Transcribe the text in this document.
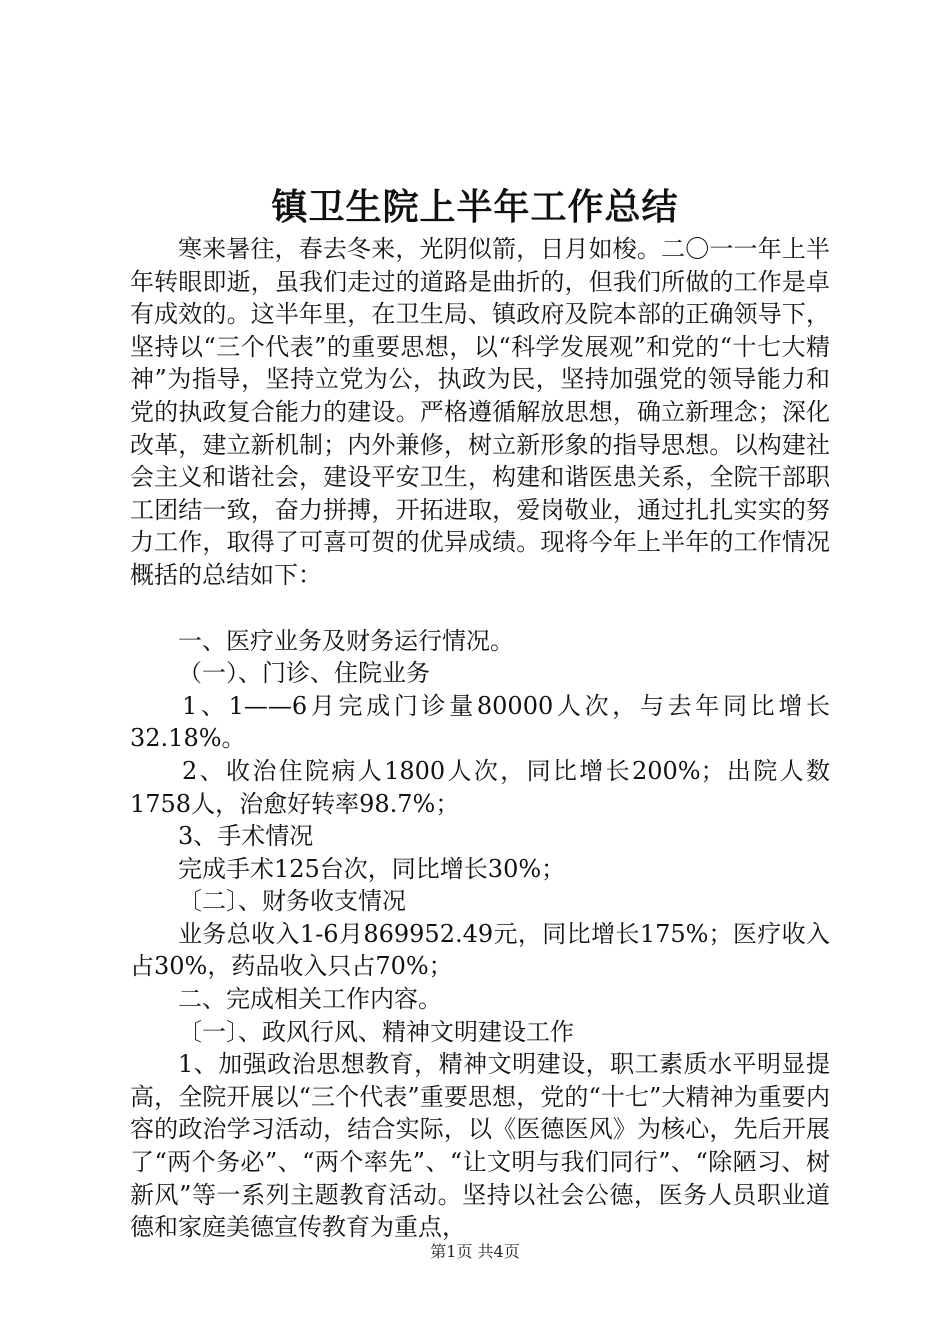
镇卫生院上半年工作总结

寒来暑往，春去冬来，光阴似箭，日月如梭。二〇一一年上半年转眼即逝，虽我们走过的道路是曲折的，但我们所做的工作是卓有成效的。这半年里，在卫生局、镇政府及院本部的正确领导下，坚持以“三个代表”的重要思想，以“科学发展观”和党的“十七大精神”为指导，坚持立党为公，执政为民，坚持加强党的领导能力和党的执政复合能力的建设。严格遵循解放思想，确立新理念；深化改革，建立新机制；内外兼修，树立新形象的指导思想。以构建社会主义和谐社会，建设平安卫生，构建和谐医患关系，全院干部职工团结一致，奋力拼搏，开拓进取，爱岗敬业，通过扎扎实实的努力工作，取得了可喜可贺的优异成绩。现将今年上半年的工作情况概括的总结如下：

一、医疗业务及财务运行情况。

（一）、门诊、住院业务

1、1——6月完成门诊量80000人次，与去年同比增长32.18%。

2、收治住院病人1800人次，同比增长200%；出院人数1758人，治愈好转率98.7%；

3、手术情况

完成手术125台次，同比增长30%；

〔二〕、财务收支情况

业务总收入1-6月869952.49元，同比增长175%；医疗收入占30%，药品收入只占70%；

二、完成相关工作内容。

〔一〕、政风行风、精神文明建设工作

1、加强政治思想教育，精神文明建设，职工素质水平明显提高，全院开展以“三个代表”重要思想，党的“十七”大精神为重要内容的政治学习活动，结合实际，以《医德医风》为核心，先后开展了“两个务必”、“两个率先”、“让文明与我们同行”、“除陋习、树新风”等一系列主题教育活动。坚持以社会公德，医务人员职业道德和家庭美德宣传教育为重点，

第1页 共4页
